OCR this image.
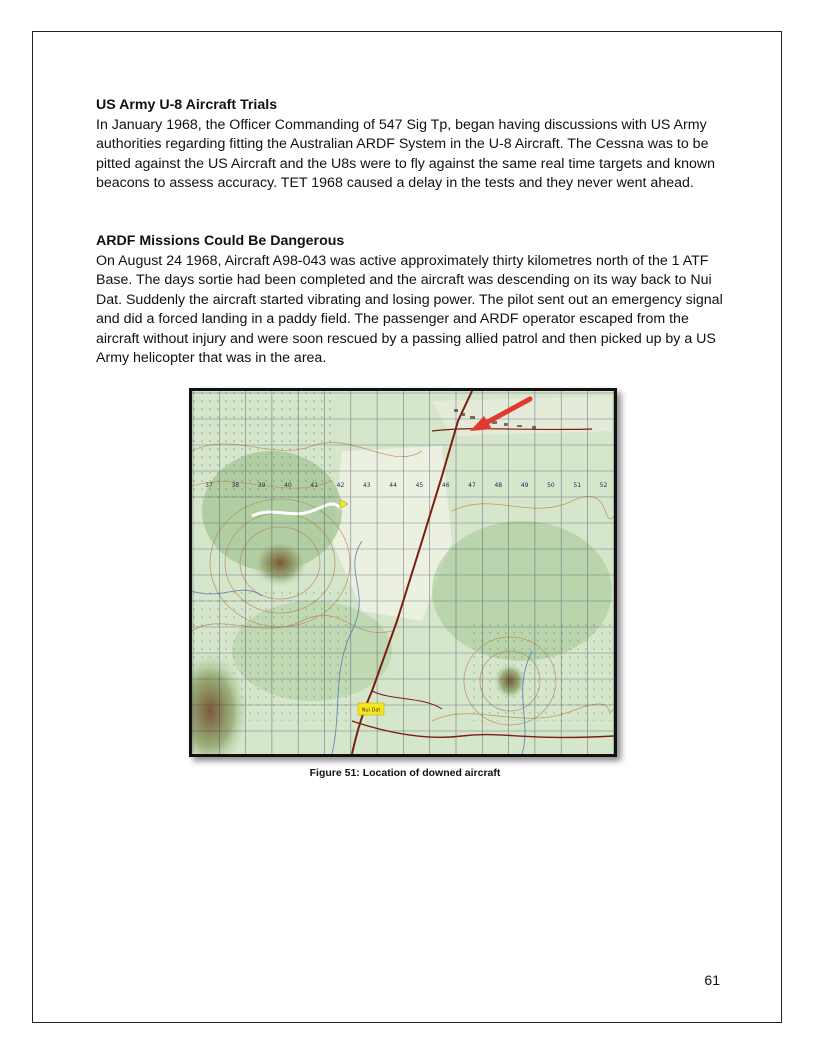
US Army U-8 Aircraft Trials

In January 1968, the Officer Commanding of 547 Sig Tp, began having discussions with US Army authorities regarding fitting the Australian ARDF System in the U-8 Aircraft. The Cessna was to be pitted against the US Aircraft and the U8s were to fly against the same real time targets and known beacons to assess accuracy. TET 1968 caused a delay in the tests and they never went ahead.

ARDF Missions Could Be Dangerous

On August 24 1968, Aircraft A98-043 was active approximately thirty kilometres north of the 1 ATF Base. The days sortie had been completed and the aircraft was descending on its way back to Nui Dat. Suddenly the aircraft started vibrating and losing power. The pilot sent out an emergency signal and did a forced landing in a paddy field. The passenger and ARDF operator escaped from the aircraft without injury and were soon rescued by a passing allied patrol and then picked up by a US Army helicopter that was in the area.

37	38	39	40	41	42	43	44	45	46	47	48	49	50	51	52
Nui Dat
Figure 51: Location of downed aircraft
61
